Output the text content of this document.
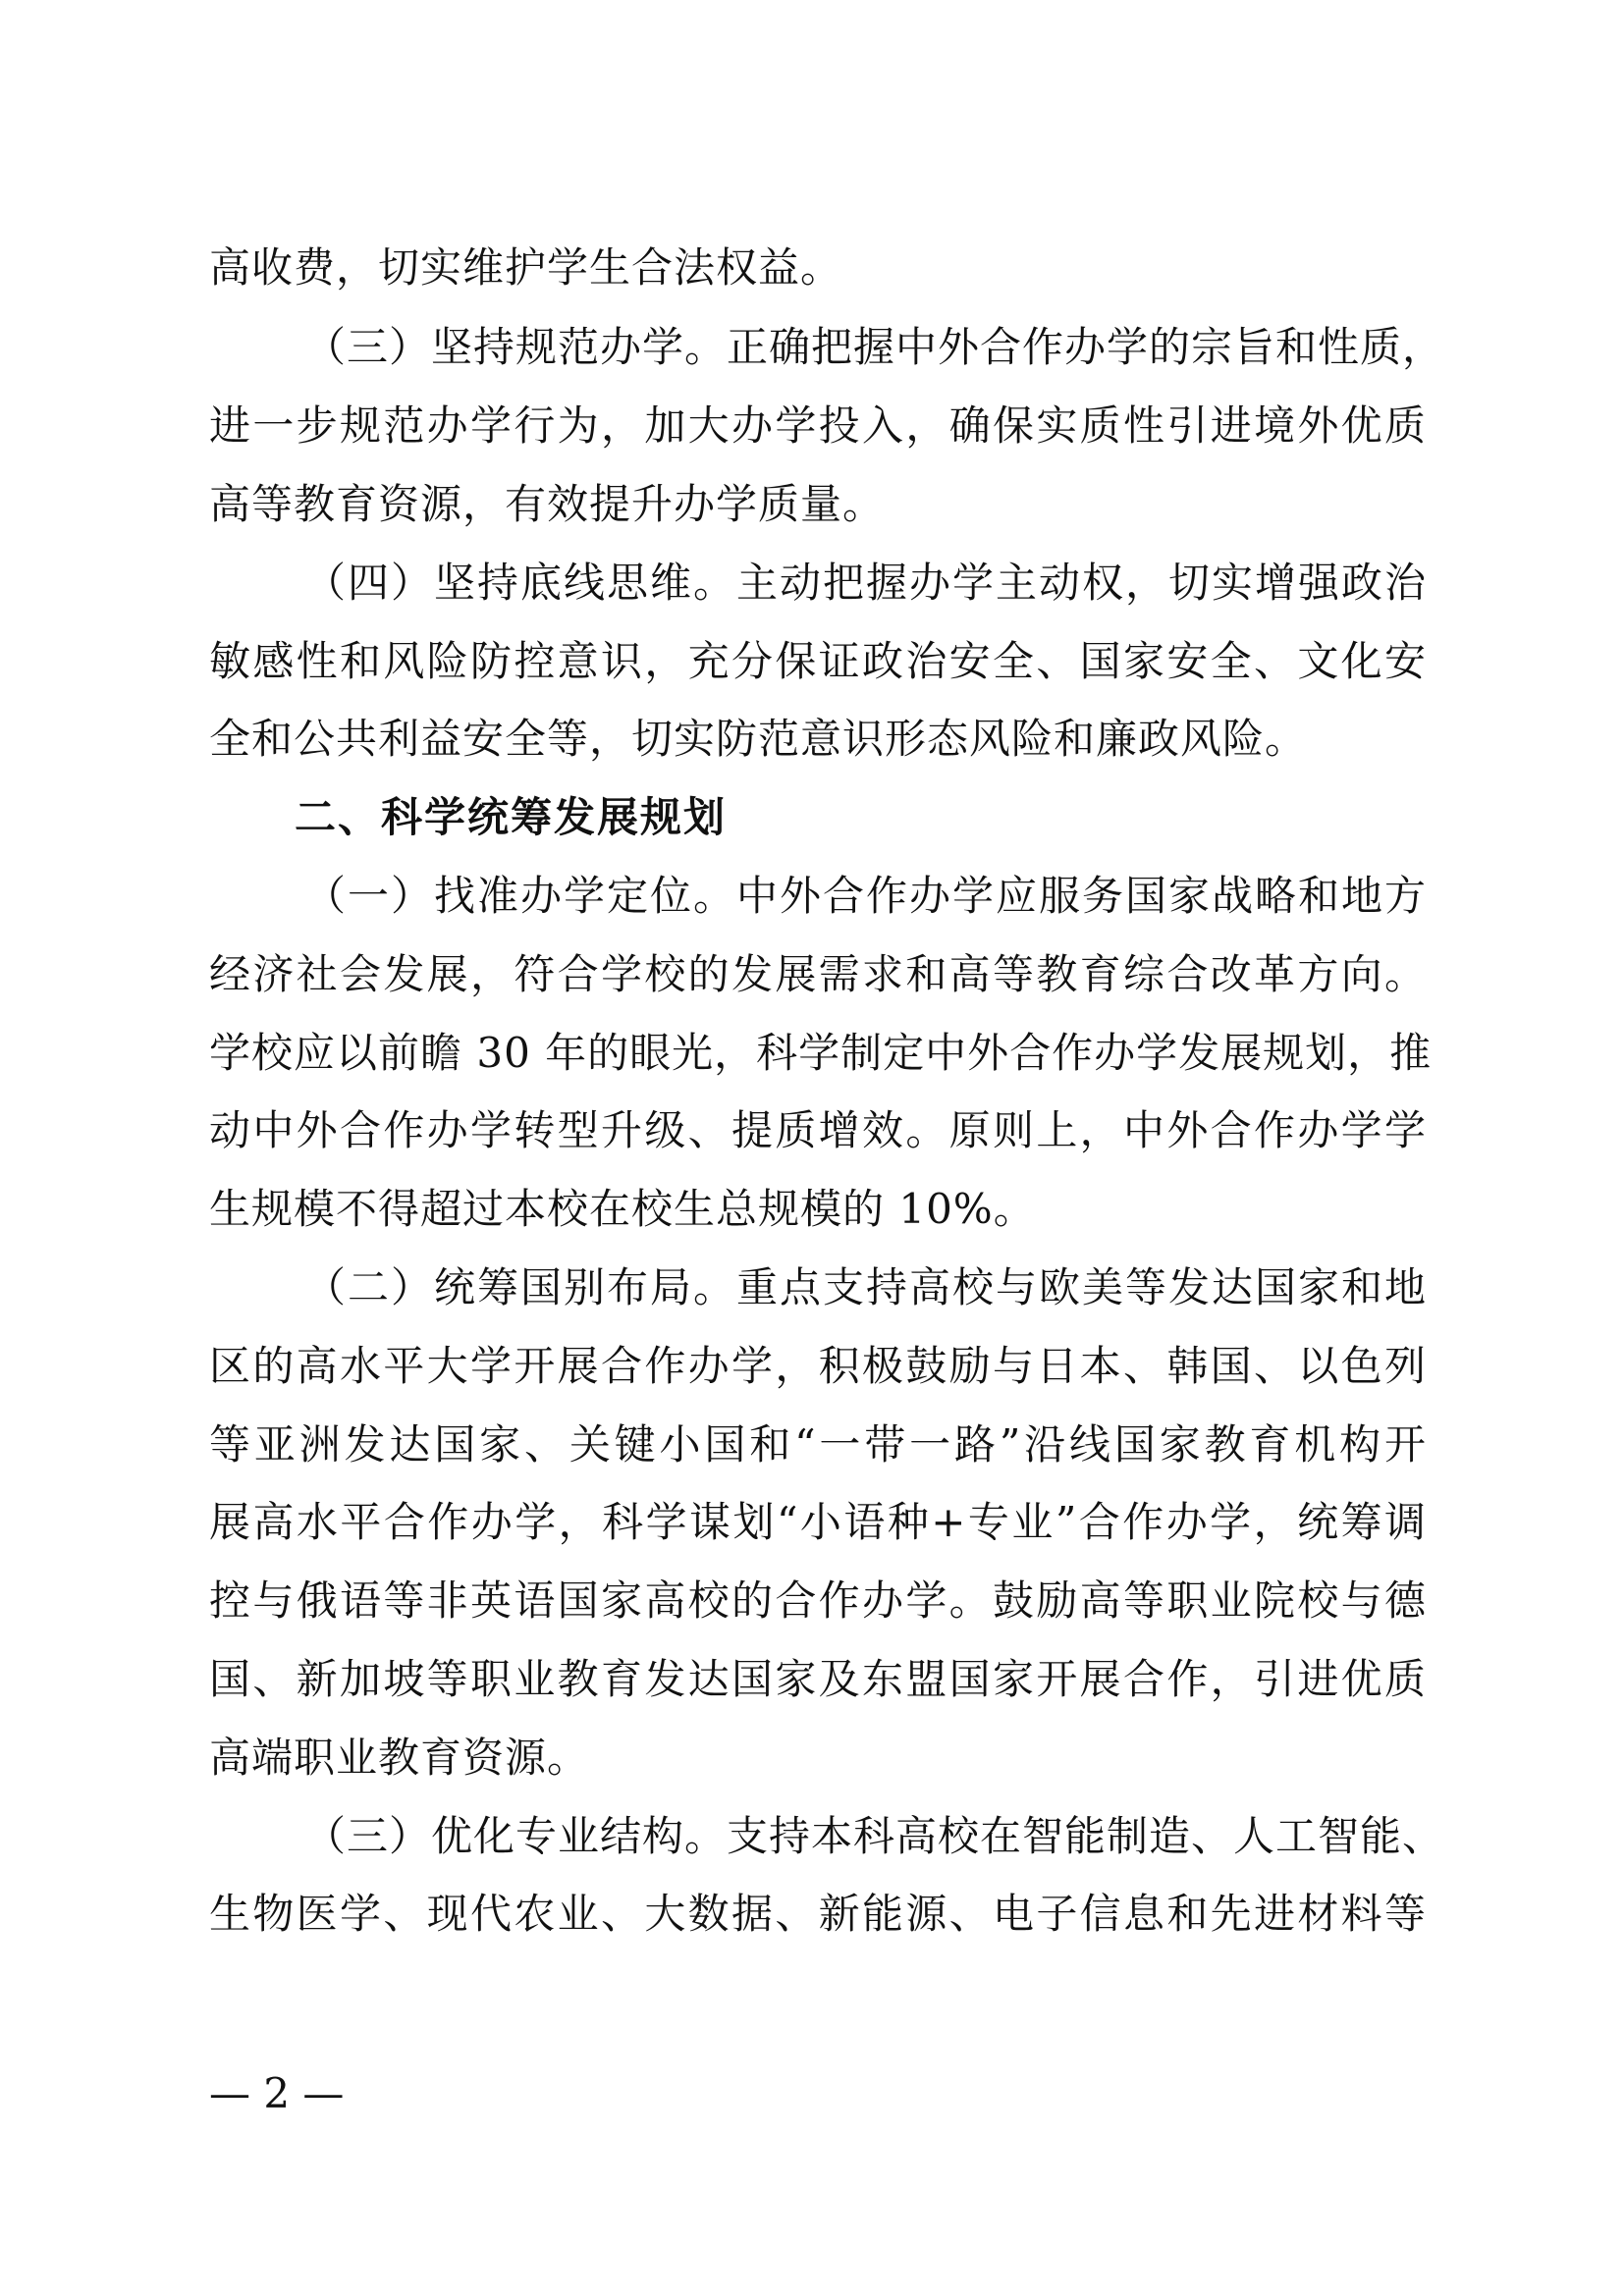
高收费，切实维护学生合法权益。
（三）坚持规范办学。正确把握中外合作办学的宗旨和性质，
进一步规范办学行为，加大办学投入，确保实质性引进境外优质
高等教育资源，有效提升办学质量。
（四）坚持底线思维。主动把握办学主动权，切实增强政治
敏感性和风险防控意识，充分保证政治安全、国家安全、文化安
全和公共利益安全等，切实防范意识形态风险和廉政风险。
二、科学统筹发展规划
（一）找准办学定位。中外合作办学应服务国家战略和地方
经济社会发展，符合学校的发展需求和高等教育综合改革方向。
学校应以前瞻 30 年的眼光，科学制定中外合作办学发展规划，推
动中外合作办学转型升级、提质增效。原则上，中外合作办学学
生规模不得超过本校在校生总规模的 10%。
（二）统筹国别布局。重点支持高校与欧美等发达国家和地
区的高水平大学开展合作办学，积极鼓励与日本、韩国、以色列
等亚洲发达国家、关键小国和“一带一路”沿线国家教育机构开
展高水平合作办学，科学谋划“小语种+专业”合作办学，统筹调
控与俄语等非英语国家高校的合作办学。鼓励高等职业院校与德
国、新加坡等职业教育发达国家及东盟国家开展合作，引进优质
高端职业教育资源。
（三）优化专业结构。支持本科高校在智能制造、人工智能、
生物医学、现代农业、大数据、新能源、电子信息和先进材料等
— 2 —
